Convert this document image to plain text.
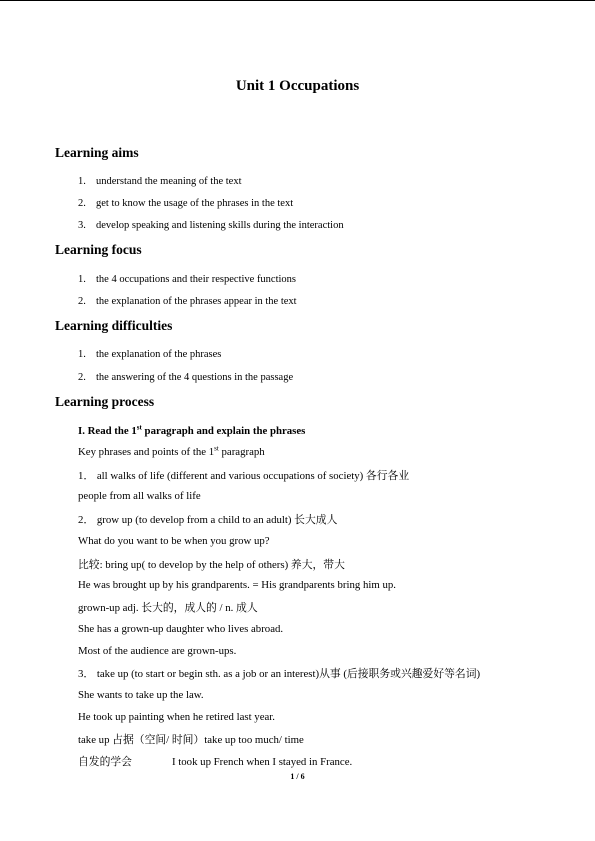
Unit 1 Occupations
Learning aims
1. understand the meaning of the text
2. get to know the usage of the phrases in the text
3. develop speaking and listening skills during the interaction
Learning focus
1. the 4 occupations and their respective functions
2. the explanation of the phrases appear in the text
Learning difficulties
1. the explanation of the phrases
2. the answering of the 4 questions in the passage
Learning process
I. Read the 1st paragraph and explain the phrases
Key phrases and points of the 1st paragraph
1． all walks of life (different and various occupations of society) 各行各业
people from all walks of life
2． grow up (to develop from a child to an adult) 长大成人
What do you want to be when you grow up?
比较: bring up( to develop by the help of others) 养大，带大
He was brought up by his grandparents. = His grandparents bring him up.
grown-up adj. 长大的，成人的 / n. 成人
She has a grown-up daughter who lives abroad.
Most of the audience are grown-ups.
3． take up (to start or begin sth. as a job or an interest)从事 (后接职务或兴趣爱好等名词)
She wants to take up the law.
He took up painting when he retired last year.
take up 占据（空间/ 时间）take up too much/ time
自发的学会	I took up French when I stayed in France.
1 / 6
